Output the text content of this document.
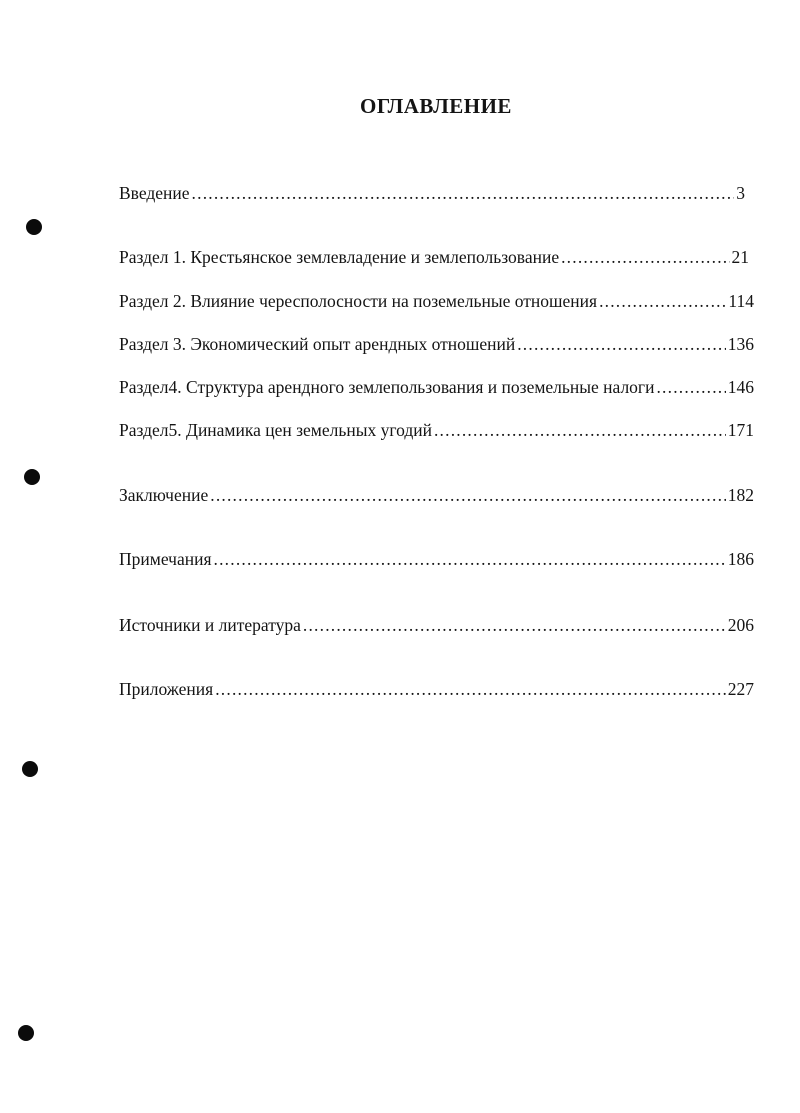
ОГЛАВЛЕНИЕ
Введение .....	3
Раздел 1. Крестьянское землевладение и землепользование .....	21
Раздел 2. Влияние чересполосности на поземельные отношения .....	114
Раздел 3. Экономический опыт арендных отношений .....	136
Раздел4. Структура арендного землепользования и поземельные налоги .....	146
Раздел5. Динамика цен земельных угодий .....	171
Заключение .....	182
Примечания .....	186
Источники и литература .....	206
Приложения .....	227
